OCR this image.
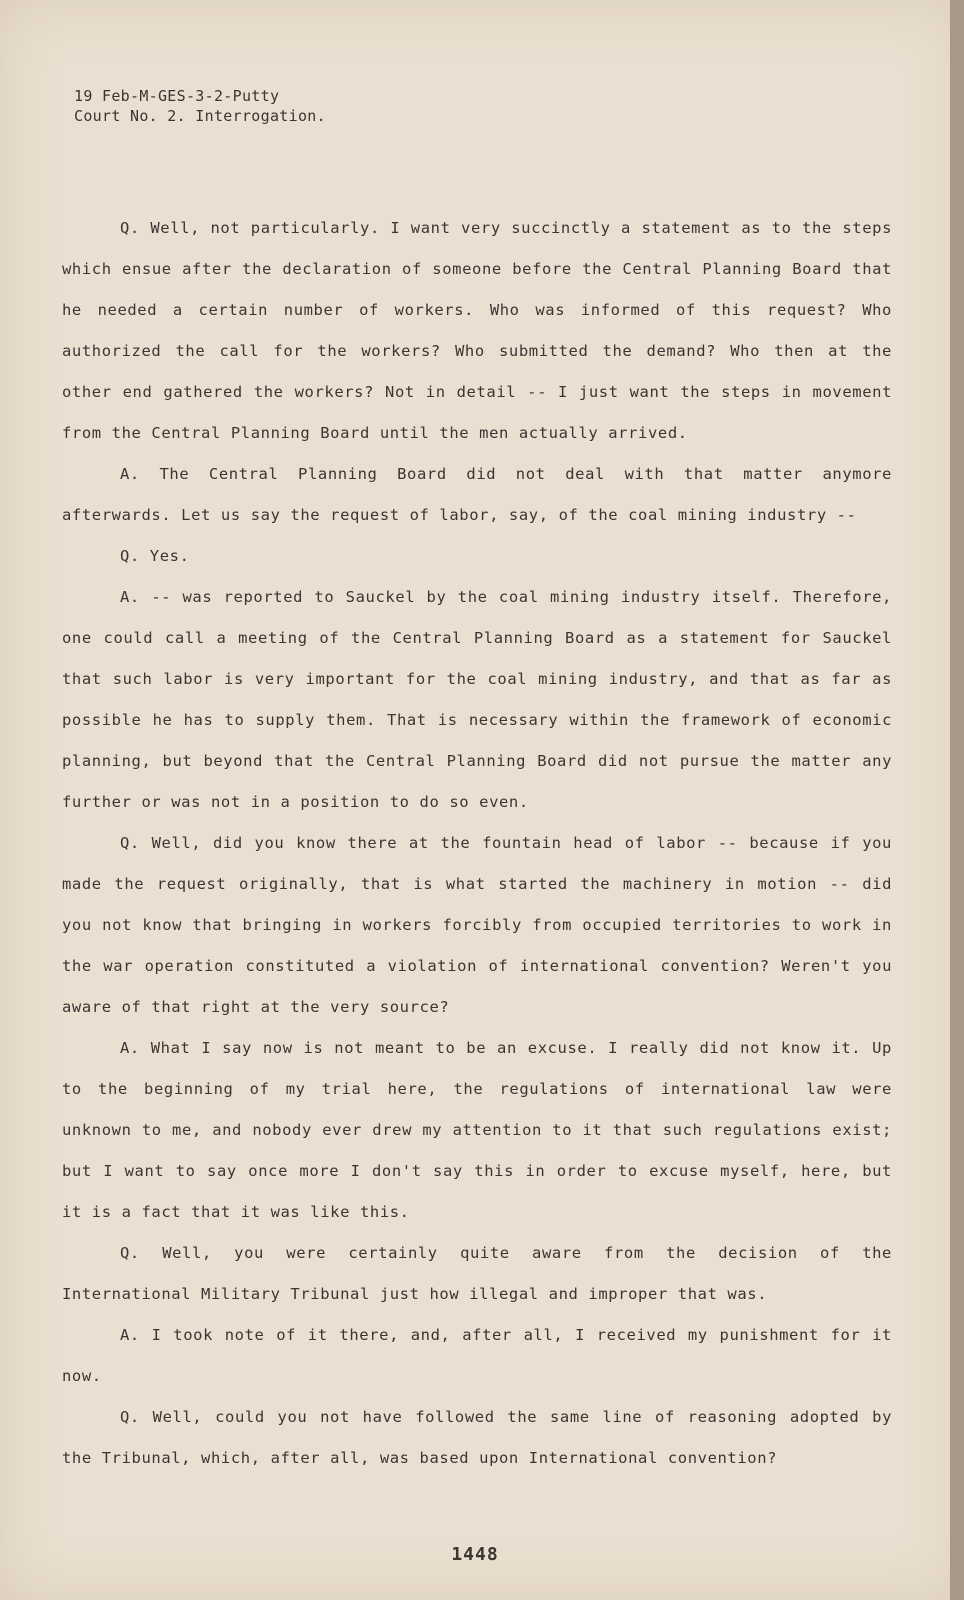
19 Feb-M-GES-3-2-Putty
Court No. 2. Interrogation.

Q. Well, not particularly. I want very succinctly a statement as to the steps which ensue after the declaration of someone before the Central Planning Board that he needed a certain number of workers. Who was informed of this request? Who authorized the call for the workers? Who submitted the demand? Who then at the other end gathered the workers? Not in detail -- I just want the steps in movement from the Central Planning Board until the men actually arrived.

A. The Central Planning Board did not deal with that matter anymore afterwards. Let us say the request of labor, say, of the coal mining industry --

Q. Yes.

A. -- was reported to Sauckel by the coal mining industry itself. Therefore, one could call a meeting of the Central Planning Board as a statement for Sauckel that such labor is very important for the coal mining industry, and that as far as possible he has to supply them. That is necessary within the framework of economic planning, but beyond that the Central Planning Board did not pursue the matter any further or was not in a position to do so even.

Q. Well, did you know there at the fountain head of labor -- because if you made the request originally, that is what started the machinery in motion -- did you not know that bringing in workers forcibly from occupied territories to work in the war operation constituted a violation of international convention? Weren't you aware of that right at the very source?

A. What I say now is not meant to be an excuse. I really did not know it. Up to the beginning of my trial here, the regulations of international law were unknown to me, and nobody ever drew my attention to it that such regulations exist; but I want to say once more I don't say this in order to excuse myself, here, but it is a fact that it was like this.

Q. Well, you were certainly quite aware from the decision of the International Military Tribunal just how illegal and improper that was.

A. I took note of it there, and, after all, I received my punishment for it now.

Q. Well, could you not have followed the same line of reasoning adopted by the Tribunal, which, after all, was based upon International convention?

1448
